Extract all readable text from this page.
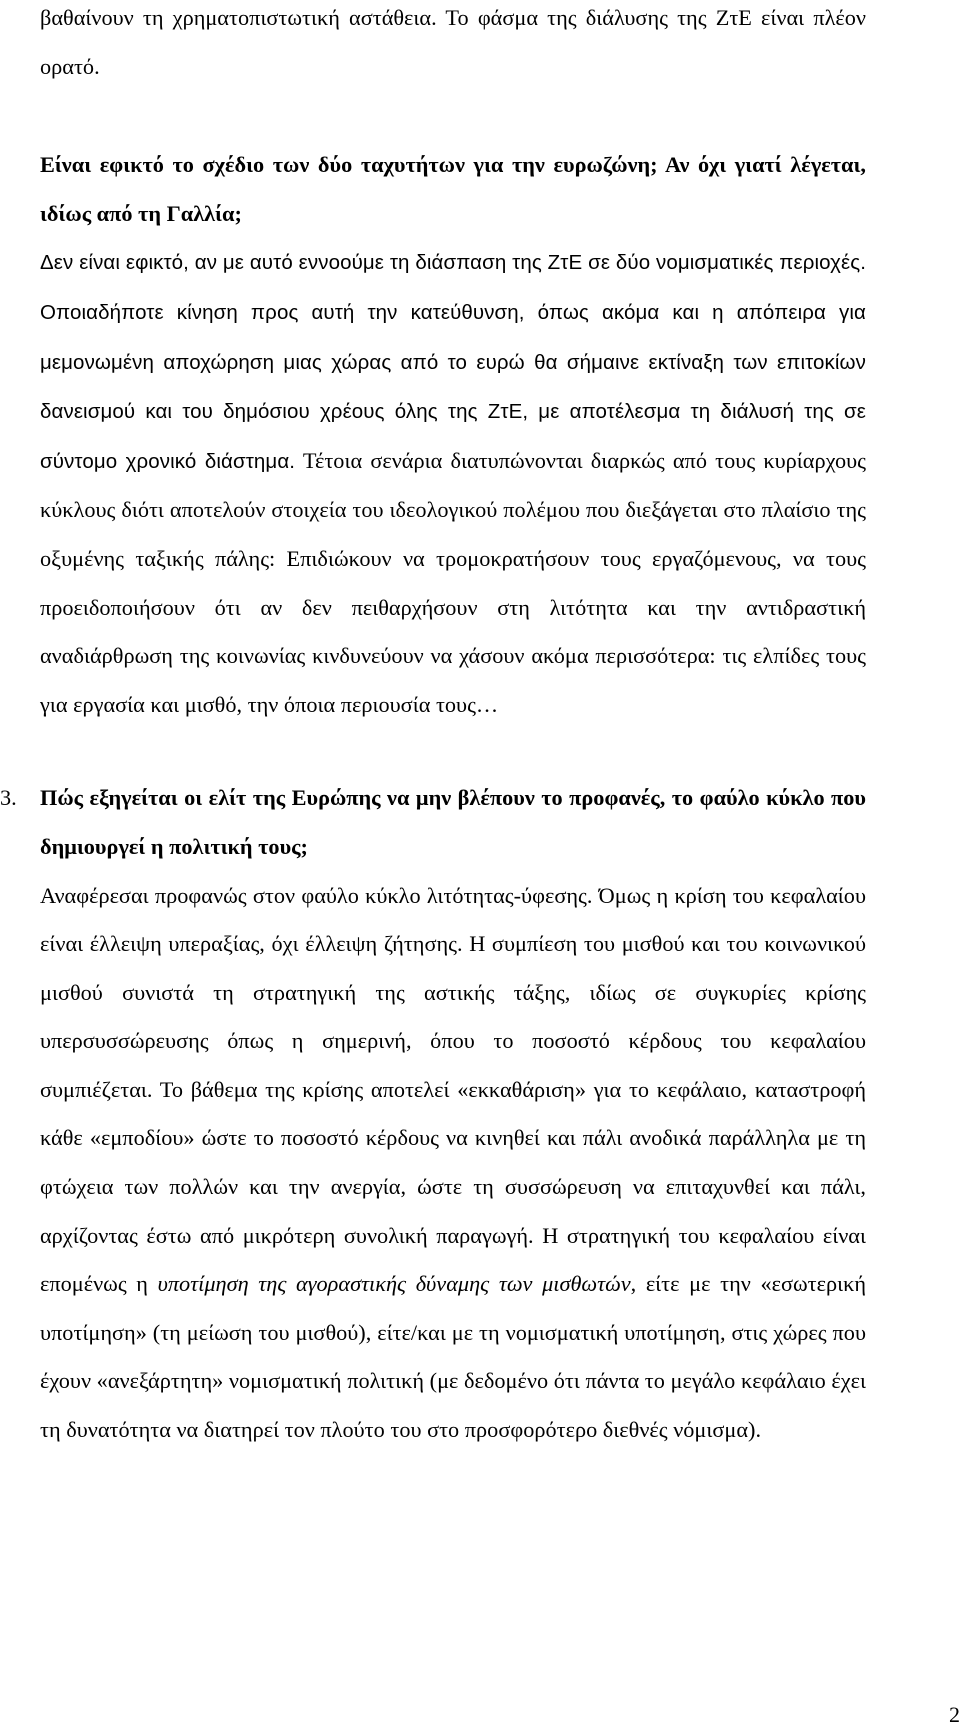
βαθαίνουν τη χρηματοπιστωτική αστάθεια. Το φάσμα της διάλυσης της ΖτΕ είναι πλέον ορατό.

Είναι εφικτό το σχέδιο των δύο ταχυτήτων για την ευρωζώνη; Αν όχι γιατί λέγεται, ιδίως από τη Γαλλία;

Δεν είναι εφικτό, αν με αυτό εννοούμε τη διάσπαση της ΖτΕ σε δύο νομισματικές περιοχές. Οποιαδήποτε κίνηση προς αυτή την κατεύθυνση, όπως ακόμα και η απόπειρα για μεμονωμένη αποχώρηση μιας χώρας από το ευρώ θα σήμαινε εκτίναξη των επιτοκίων δανεισμού και του δημόσιου χρέους όλης της ΖτΕ, με αποτέλεσμα τη διάλυσή της σε σύντομο χρονικό διάστημα. Τέτοια σενάρια διατυπώνονται διαρκώς από τους κυρίαρχους κύκλους διότι αποτελούν στοιχεία του ιδεολογικού πολέμου που διεξάγεται στο πλαίσιο της οξυμένης ταξικής πάλης: Επιδιώκουν να τρομοκρατήσουν τους εργαζόμενους, να τους προειδοποιήσουν ότι αν δεν πειθαρχήσουν στη λιτότητα και την αντιδραστική αναδιάρθρωση της κοινωνίας κινδυνεύουν να χάσουν ακόμα περισσότερα: τις ελπίδες τους για εργασία και μισθό, την όποια περιουσία τους…

3. Πώς εξηγείται οι ελίτ της Ευρώπης να μην βλέπουν το προφανές, το φαύλο κύκλο που δημιουργεί η πολιτική τους;

Αναφέρεσαι προφανώς στον φαύλο κύκλο λιτότητας-ύφεσης. Όμως η κρίση του κεφαλαίου είναι έλλειψη υπεραξίας, όχι έλλειψη ζήτησης. Η συμπίεση του μισθού και του κοινωνικού μισθού συνιστά τη στρατηγική της αστικής τάξης, ιδίως σε συγκυρίες κρίσης υπερσυσσώρευσης όπως η σημερινή, όπου το ποσοστό κέρδους του κεφαλαίου συμπιέζεται. Το βάθεμα της κρίσης αποτελεί «εκκαθάριση» για το κεφάλαιο, καταστροφή κάθε «εμποδίου» ώστε το ποσοστό κέρδους να κινηθεί και πάλι ανοδικά παράλληλα με τη φτώχεια των πολλών και την ανεργία, ώστε τη συσσώρευση να επιταχυνθεί και πάλι, αρχίζοντας έστω από μικρότερη συνολική παραγωγή. Η στρατηγική του κεφαλαίου είναι επομένως η υποτίμηση της αγοραστικής δύναμης των μισθωτών, είτε με την «εσωτερική υποτίμηση» (τη μείωση του μισθού), είτε/και με τη νομισματική υποτίμηση, στις χώρες που έχουν «ανεξάρτητη» νομισματική πολιτική (με δεδομένο ότι πάντα το μεγάλο κεφάλαιο έχει τη δυνατότητα να διατηρεί τον πλούτο του στο προσφορότερο διεθνές νόμισμα).

2
